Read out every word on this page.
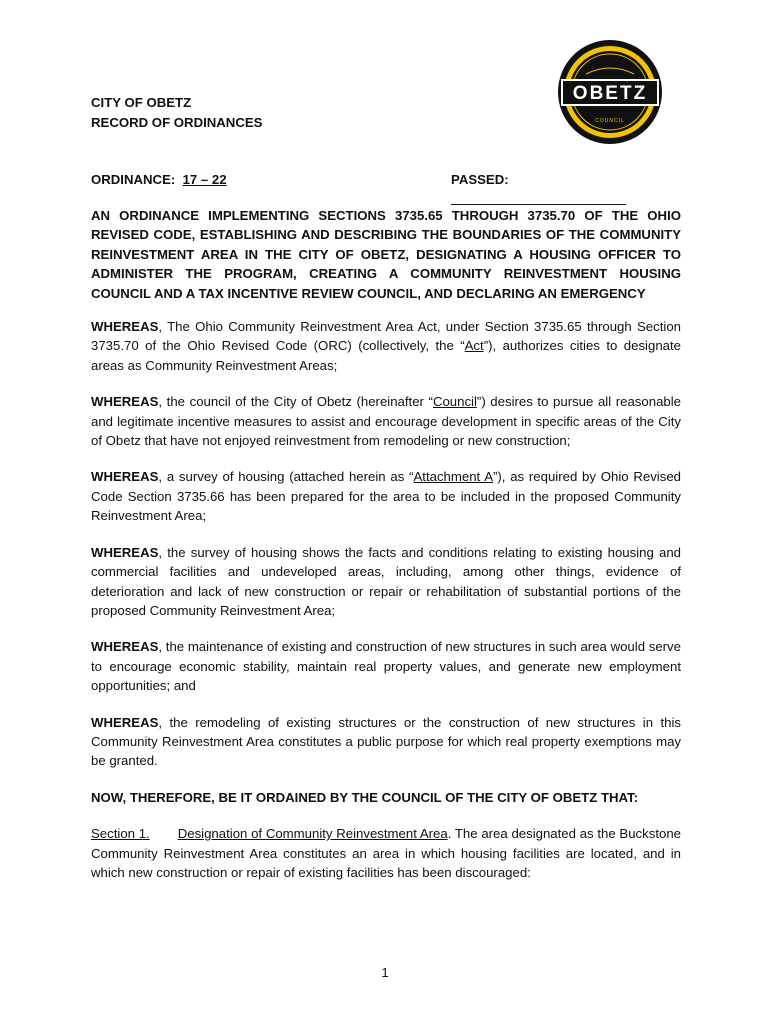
OBETZ
COUNCIL
CITY OF OBETZ
RECORD OF ORDINANCES
ORDINANCE: 17 – 22	PASSED:
AN ORDINANCE IMPLEMENTING SECTIONS 3735.65 THROUGH 3735.70 OF THE OHIO REVISED CODE, ESTABLISHING AND DESCRIBING THE BOUNDARIES OF THE COMMUNITY REINVESTMENT AREA IN THE CITY OF OBETZ, DESIGNATING A HOUSING OFFICER TO ADMINISTER THE PROGRAM, CREATING A COMMUNITY REINVESTMENT HOUSING COUNCIL AND A TAX INCENTIVE REVIEW COUNCIL, AND DECLARING AN EMERGENCY

WHEREAS, The Ohio Community Reinvestment Area Act, under Section 3735.65 through Section 3735.70 of the Ohio Revised Code (ORC) (collectively, the “Act”), authorizes cities to designate areas as Community Reinvestment Areas;

WHEREAS, the council of the City of Obetz (hereinafter “Council”) desires to pursue all reasonable and legitimate incentive measures to assist and encourage development in specific areas of the City of Obetz that have not enjoyed reinvestment from remodeling or new construction;

WHEREAS, a survey of housing (attached herein as “Attachment A”), as required by Ohio Revised Code Section 3735.66 has been prepared for the area to be included in the proposed Community Reinvestment Area;

WHEREAS, the survey of housing shows the facts and conditions relating to existing housing and commercial facilities and undeveloped areas, including, among other things, evidence of deterioration and lack of new construction or repair or rehabilitation of substantial portions of the proposed Community Reinvestment Area;

WHEREAS, the maintenance of existing and construction of new structures in such area would serve to encourage economic stability, maintain real property values, and generate new employment opportunities; and

WHEREAS, the remodeling of existing structures or the construction of new structures in this Community Reinvestment Area constitutes a public purpose for which real property exemptions may be granted.

NOW, THEREFORE, BE IT ORDAINED BY THE COUNCIL OF THE CITY OF OBETZ THAT:

Section 1. Designation of Community Reinvestment Area. The area designated as the Buckstone Community Reinvestment Area constitutes an area in which housing facilities are located, and in which new construction or repair of existing facilities has been discouraged:

1
